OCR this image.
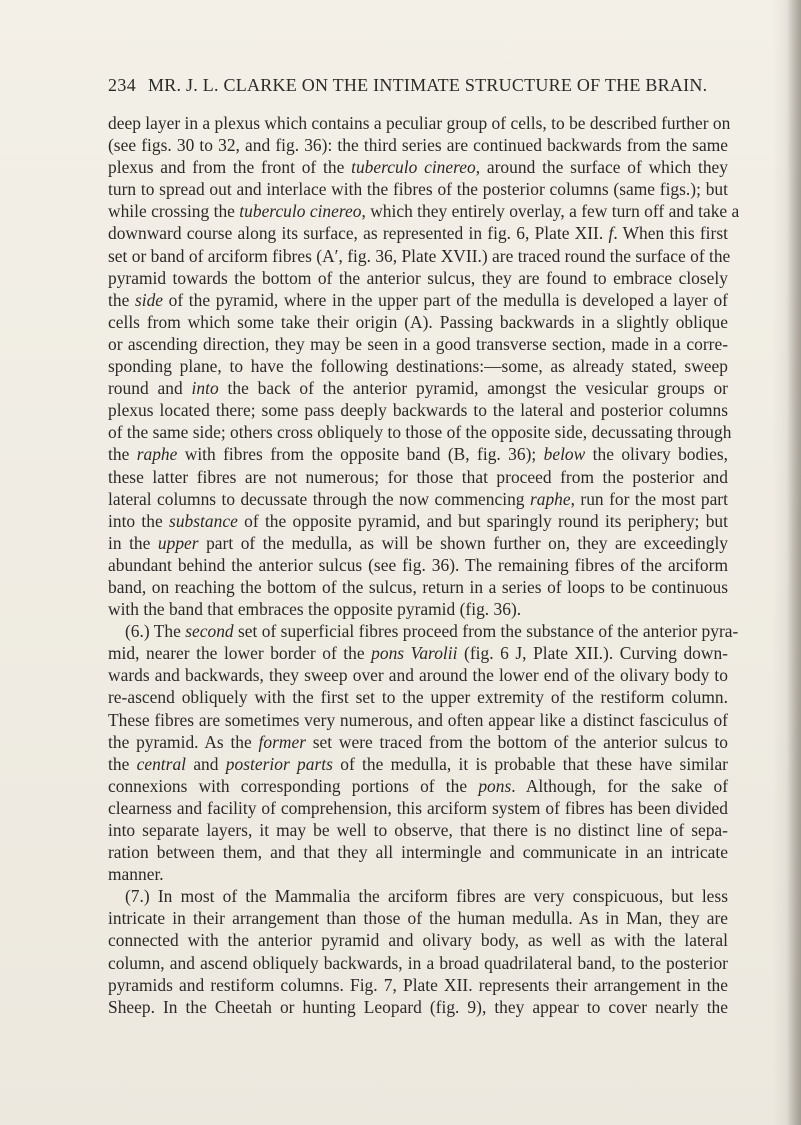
234 MR. J. L. CLARKE ON THE INTIMATE STRUCTURE OF THE BRAIN.
deep layer in a plexus which contains a peculiar group of cells, to be described further on
(see figs. 30 to 32, and fig. 36): the third series are continued backwards from the same
plexus and from the front of the tuberculo cinereo, around the surface of which they
turn to spread out and interlace with the fibres of the posterior columns (same figs.); but
while crossing the tuberculo cinereo, which they entirely overlay, a few turn off and take a
downward course along its surface, as represented in fig. 6, Plate XII. f. When this first
set or band of arciform fibres (A′, fig. 36, Plate XVII.) are traced round the surface of the
pyramid towards the bottom of the anterior sulcus, they are found to embrace closely
the side of the pyramid, where in the upper part of the medulla is developed a layer of
cells from which some take their origin (A). Passing backwards in a slightly oblique
or ascending direction, they may be seen in a good transverse section, made in a corre-
sponding plane, to have the following destinations:—some, as already stated, sweep
round and into the back of the anterior pyramid, amongst the vesicular groups or
plexus located there; some pass deeply backwards to the lateral and posterior columns
of the same side; others cross obliquely to those of the opposite side, decussating through
the raphe with fibres from the opposite band (B, fig. 36); below the olivary bodies,
these latter fibres are not numerous; for those that proceed from the posterior and
lateral columns to decussate through the now commencing raphe, run for the most part
into the substance of the opposite pyramid, and but sparingly round its periphery; but
in the upper part of the medulla, as will be shown further on, they are exceedingly
abundant behind the anterior sulcus (see fig. 36). The remaining fibres of the arciform
band, on reaching the bottom of the sulcus, return in a series of loops to be continuous
with the band that embraces the opposite pyramid (fig. 36).
(6.) The second set of superficial fibres proceed from the substance of the anterior pyra-
mid, nearer the lower border of the pons Varolii (fig. 6 J, Plate XII.). Curving down-
wards and backwards, they sweep over and around the lower end of the olivary body to
re-ascend obliquely with the first set to the upper extremity of the restiform column.
These fibres are sometimes very numerous, and often appear like a distinct fasciculus of
the pyramid. As the former set were traced from the bottom of the anterior sulcus to
the central and posterior parts of the medulla, it is probable that these have similar
connexions with corresponding portions of the pons. Although, for the sake of
clearness and facility of comprehension, this arciform system of fibres has been divided
into separate layers, it may be well to observe, that there is no distinct line of sepa-
ration between them, and that they all intermingle and communicate in an intricate
manner.
(7.) In most of the Mammalia the arciform fibres are very conspicuous, but less
intricate in their arrangement than those of the human medulla. As in Man, they are
connected with the anterior pyramid and olivary body, as well as with the lateral
column, and ascend obliquely backwards, in a broad quadrilateral band, to the posterior
pyramids and restiform columns. Fig. 7, Plate XII. represents their arrangement in the
Sheep. In the Cheetah or hunting Leopard (fig. 9), they appear to cover nearly the
